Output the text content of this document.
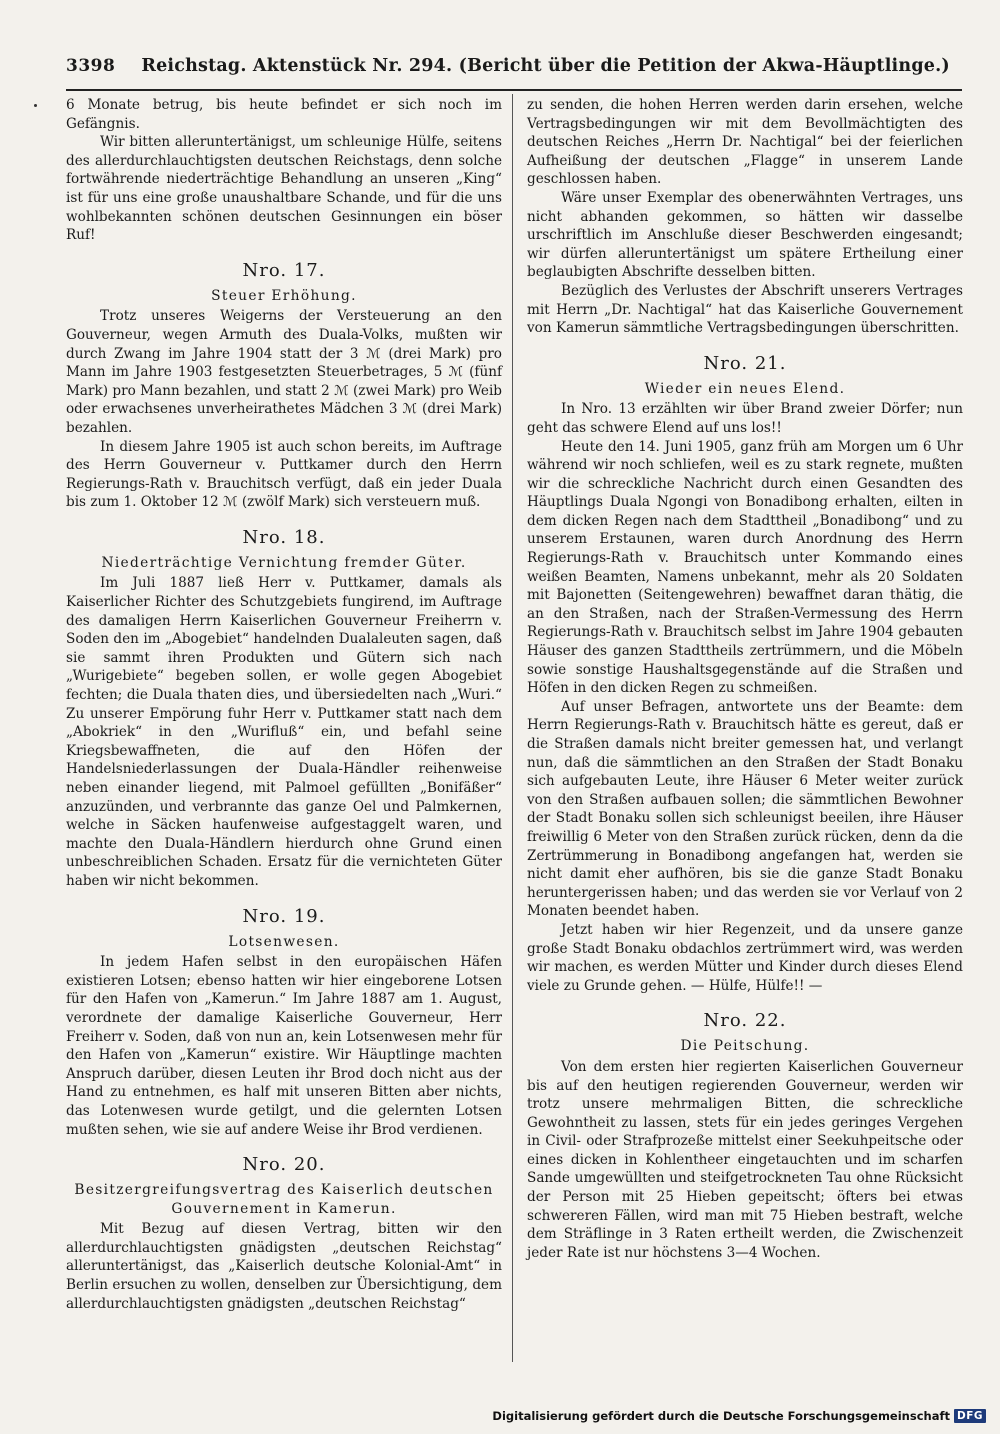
3398 Reichstag. Aktenstück Nr. 294. (Bericht über die Petition der Akwa-Häuptlinge.)

6 Monate betrug, bis heute befindet er sich noch im Gefängnis.

Wir bitten alleruntertänigst, um schleunige Hülfe, seitens des allerdurchlauchtigsten deutschen Reichstags, denn solche fortwährende niederträchtige Behandlung an unseren „King“ ist für uns eine große unaushaltbare Schande, und für die uns wohlbekannten schönen deutschen Gesinnungen ein böser Ruf!

Nro. 17.
Steuer Erhöhung.

Trotz unseres Weigerns der Versteuerung an den Gouverneur, wegen Armuth des Duala-Volks, mußten wir durch Zwang im Jahre 1904 statt der 3 ℳ (drei Mark) pro Mann im Jahre 1903 festgesetzten Steuerbetrages, 5 ℳ (fünf Mark) pro Mann bezahlen, und statt 2 ℳ (zwei Mark) pro Weib oder erwachsenes unverheirathetes Mädchen 3 ℳ (drei Mark) bezahlen.

In diesem Jahre 1905 ist auch schon bereits, im Auftrage des Herrn Gouverneur v. Puttkamer durch den Herrn Regierungs-Rath v. Brauchitsch verfügt, daß ein jeder Duala bis zum 1. Oktober 12 ℳ (zwölf Mark) sich versteuern muß.

Nro. 18.
Niederträchtige Vernichtung fremder Güter.

Im Juli 1887 ließ Herr v. Puttkamer, damals als Kaiserlicher Richter des Schutzgebiets fungirend, im Auftrage des damaligen Herrn Kaiserlichen Gouverneur Freiherrn v. Soden den im „Abogebiet“ handelnden Dualaleuten sagen, daß sie sammt ihren Produkten und Gütern sich nach „Wurigebiete“ begeben sollen, er wolle gegen Abogebiet fechten; die Duala thaten dies, und übersiedelten nach „Wuri.“ Zu unserer Empörung fuhr Herr v. Puttkamer statt nach dem „Abokriek“ in den „Wurifluß“ ein, und befahl seine Kriegsbewaffneten, die auf den Höfen der Handelsniederlassungen der Duala-Händler reihenweise neben einander liegend, mit Palmoel gefüllten „Bonifäßer“ anzuzünden, und verbrannte das ganze Oel und Palmkernen, welche in Säcken haufenweise aufgestaggelt waren, und machte den Duala-Händlern hierdurch ohne Grund einen unbeschreiblichen Schaden. Ersatz für die vernichteten Güter haben wir nicht bekommen.

Nro. 19.
Lotsenwesen.

In jedem Hafen selbst in den europäischen Häfen existieren Lotsen; ebenso hatten wir hier eingeborene Lotsen für den Hafen von „Kamerun.“ Im Jahre 1887 am 1. August, verordnete der damalige Kaiserliche Gouverneur, Herr Freiherr v. Soden, daß von nun an, kein Lotsenwesen mehr für den Hafen von „Kamerun“ existire. Wir Häuptlinge machten Anspruch darüber, diesen Leuten ihr Brod doch nicht aus der Hand zu entnehmen, es half mit unseren Bitten aber nichts, das Lotenwesen wurde getilgt, und die gelernten Lotsen mußten sehen, wie sie auf andere Weise ihr Brod verdienen.

Nro. 20.
Besitzergreifungsvertrag des Kaiserlich deutschen Gouvernement in Kamerun.

Mit Bezug auf diesen Vertrag, bitten wir den allerdurchlauchtigsten gnädigsten „deutschen Reichstag“ alleruntertänigst, das „Kaiserlich deutsche Kolonial-Amt“ in Berlin ersuchen zu wollen, denselben zur Übersichtigung, dem allerdurchlauchtigsten gnädigsten „deutschen Reichstag“

zu senden, die hohen Herren werden darin ersehen, welche Vertragsbedingungen wir mit dem Bevollmächtigten des deutschen Reiches „Herrn Dr. Nachtigal“ bei der feierlichen Aufheißung der deutschen „Flagge“ in unserem Lande geschlossen haben.

Wäre unser Exemplar des obenerwähnten Vertrages, uns nicht abhanden gekommen, so hätten wir dasselbe urschriftlich im Anschluße dieser Beschwerden eingesandt; wir dürfen alleruntertänigst um spätere Ertheilung einer beglaubigten Abschrifte desselben bitten.

Bezüglich des Verlustes der Abschrift unserers Vertrages mit Herrn „Dr. Nachtigal“ hat das Kaiserliche Gouvernement von Kamerun sämmtliche Vertragsbedingungen überschritten.

Nro. 21.
Wieder ein neues Elend.

In Nro. 13 erzählten wir über Brand zweier Dörfer; nun geht das schwere Elend auf uns los!!

Heute den 14. Juni 1905, ganz früh am Morgen um 6 Uhr während wir noch schliefen, weil es zu stark regnete, mußten wir die schreckliche Nachricht durch einen Gesandten des Häuptlings Duala Ngongi von Bonadibong erhalten, eilten in dem dicken Regen nach dem Stadttheil „Bonadibong“ und zu unserem Erstaunen, waren durch Anordnung des Herrn Regierungs-Rath v. Brauchitsch unter Kommando eines weißen Beamten, Namens unbekannt, mehr als 20 Soldaten mit Bajonetten (Seitengewehren) bewaffnet daran thätig, die an den Straßen, nach der Straßen-Vermessung des Herrn Regierungs-Rath v. Brauchitsch selbst im Jahre 1904 gebauten Häuser des ganzen Stadttheils zertrümmern, und die Möbeln sowie sonstige Haushaltsgegenstände auf die Straßen und Höfen in den dicken Regen zu schmeißen.

Auf unser Befragen, antwortete uns der Beamte: dem Herrn Regierungs-Rath v. Brauchitsch hätte es gereut, daß er die Straßen damals nicht breiter gemessen hat, und verlangt nun, daß die sämmtlichen an den Straßen der Stadt Bonaku sich aufgebauten Leute, ihre Häuser 6 Meter weiter zurück von den Straßen aufbauen sollen; die sämmtlichen Bewohner der Stadt Bonaku sollen sich schleunigst beeilen, ihre Häuser freiwillig 6 Meter von den Straßen zurück rücken, denn da die Zertrümmerung in Bonadibong angefangen hat, werden sie nicht damit eher aufhören, bis sie die ganze Stadt Bonaku heruntergerissen haben; und das werden sie vor Verlauf von 2 Monaten beendet haben.

Jetzt haben wir hier Regenzeit, und da unsere ganze große Stadt Bonaku obdachlos zertrümmert wird, was werden wir machen, es werden Mütter und Kinder durch dieses Elend viele zu Grunde gehen. — Hülfe, Hülfe!! —

Nro. 22.
Die Peitschung.

Von dem ersten hier regierten Kaiserlichen Gouverneur bis auf den heutigen regierenden Gouverneur, werden wir trotz unsere mehrmaligen Bitten, die schreckliche Gewohntheit zu lassen, stets für ein jedes geringes Vergehen in Civil- oder Strafprozeße mittelst einer Seekuhpeitsche oder eines dicken in Kohlentheer eingetauchten und im scharfen Sande umgewüllten und steifgetrockneten Tau ohne Rücksicht der Person mit 25 Hieben gepeitscht; öfters bei etwas schwereren Fällen, wird man mit 75 Hieben bestraft, welche dem Sträflinge in 3 Raten ertheilt werden, die Zwischenzeit jeder Rate ist nur höchstens 3—4 Wochen.

Digitalisierung gefördert durch die Deutsche Forschungsgemeinschaft DFG
